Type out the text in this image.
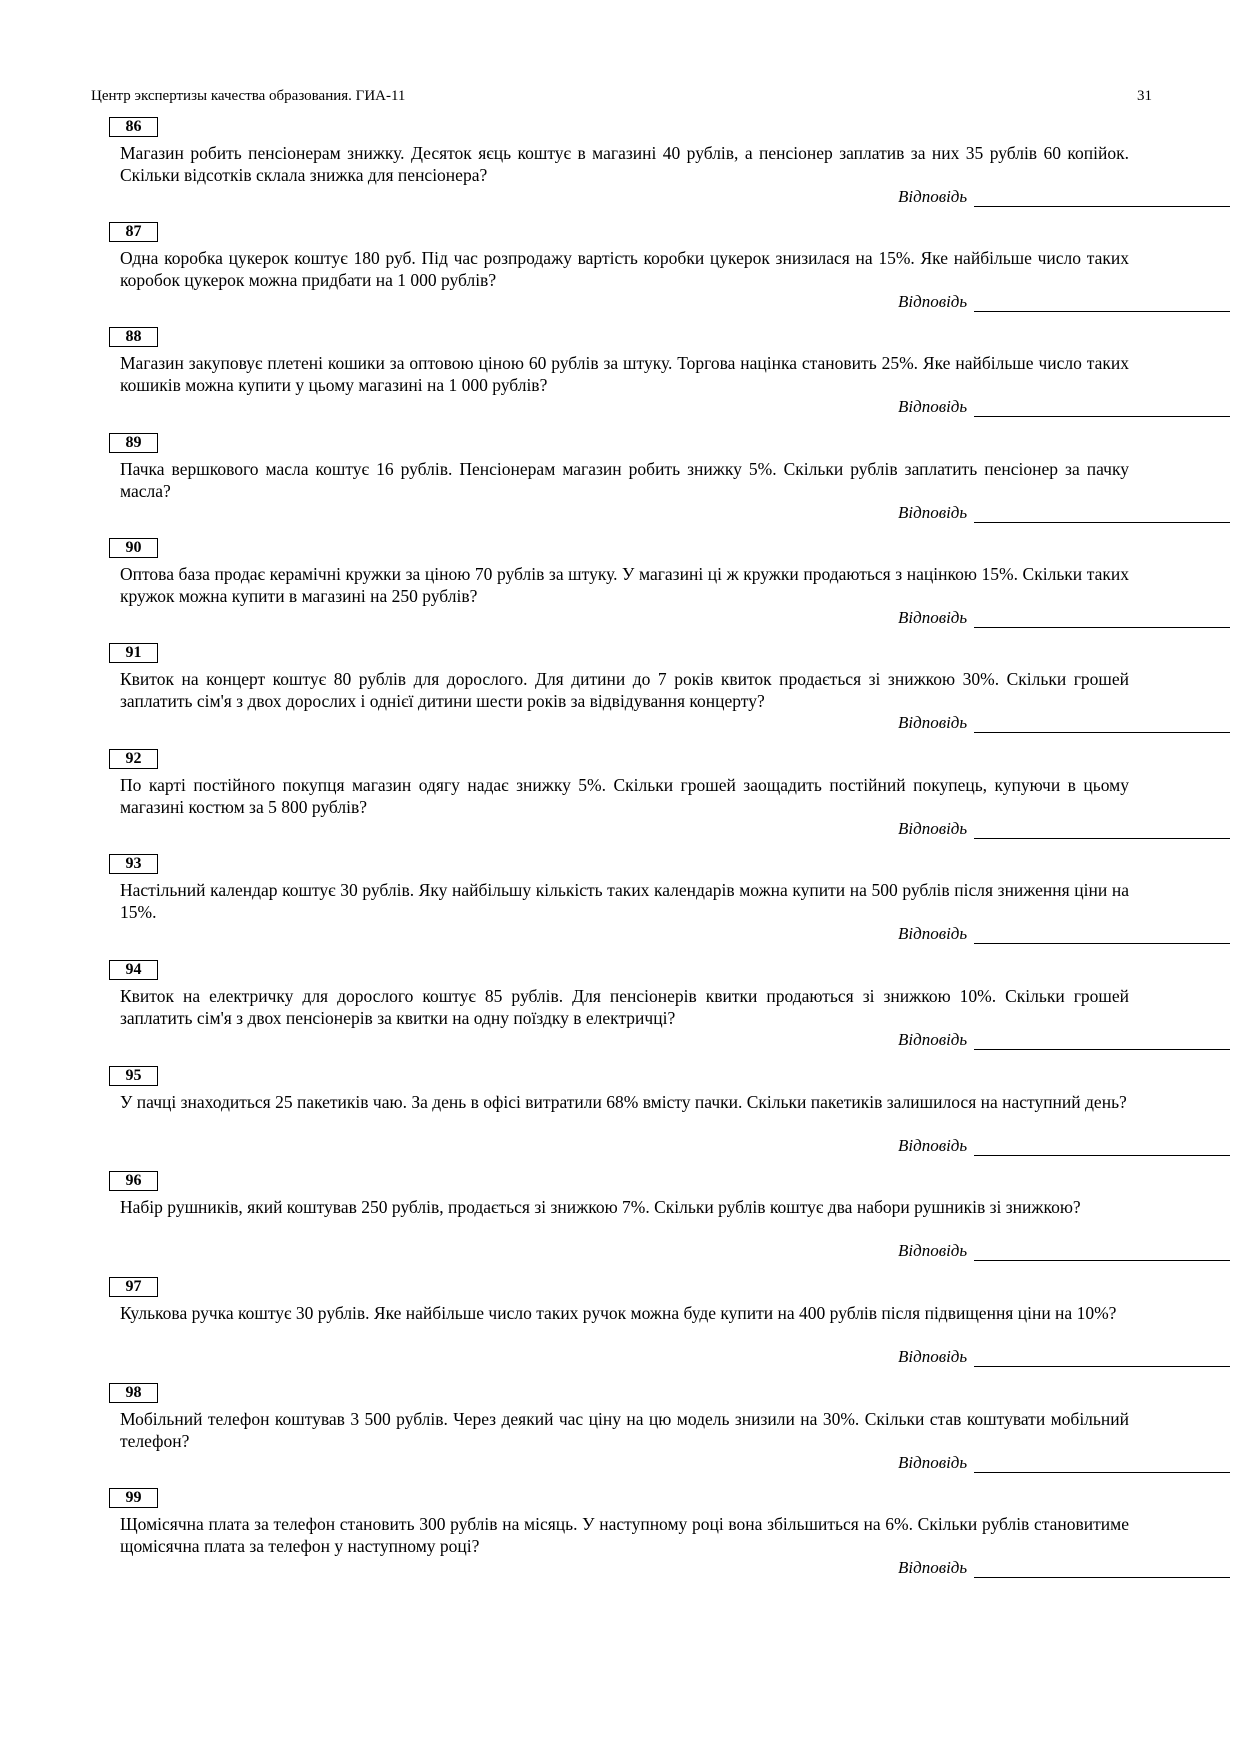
Центр экспертизы качества образования. ГИА-11	31
86
Магазин робить пенсіонерам знижку. Десяток яєць коштує в магазині 40 рублів, а пенсіонер заплатив за них 35 рублів 60 копійок. Скільки відсотків склала знижка для пенсіонера?
Відповідь
87
Одна коробка цукерок коштує 180 руб. Під час розпродажу вартість коробки цукерок знизилася на 15%. Яке найбільше число таких коробок цукерок можна придбати на 1 000 рублів?
Відповідь
88
Магазин закуповує плетені кошики за оптовою ціною 60 рублів за штуку. Торгова націнка становить 25%. Яке найбільше число таких кошиків можна купити у цьому магазині на 1 000 рублів?
Відповідь
89
Пачка вершкового масла коштує 16 рублів. Пенсіонерам магазин робить знижку 5%. Скільки рублів заплатить пенсіонер за пачку масла?
Відповідь
90
Оптова база продає керамічні кружки за ціною 70 рублів за штуку. У магазині ці ж кружки продаються з націнкою 15%. Скільки таких кружок можна купити в магазині на 250 рублів?
Відповідь
91
Квиток на концерт коштує 80 рублів для дорослого. Для дитини до 7 років квиток продається зі знижкою 30%. Скільки грошей заплатить сім'я з двох дорослих і однієї дитини шести років за відвідування концерту?
Відповідь
92
По карті постійного покупця магазин одягу надає знижку 5%. Скільки грошей заощадить постійний покупець, купуючи в цьому магазині костюм за 5 800 рублів?
Відповідь
93
Настільний календар коштує 30 рублів. Яку найбільшу кількість таких календарів можна купити на 500 рублів після зниження ціни на 15%.
Відповідь
94
Квиток на електричку для дорослого коштує 85 рублів. Для пенсіонерів квитки продаються зі знижкою 10%. Скільки грошей заплатить сім'я з двох пенсіонерів за квитки на одну поїздку в електричці?
Відповідь
95
У пачці знаходиться 25 пакетиків чаю. За день в офісі витратили 68% вмісту пачки. Скільки пакетиків залишилося на наступний день?
Відповідь
96
Набір рушників, який коштував 250 рублів, продається зі знижкою 7%. Скільки рублів коштує два набори рушників зі знижкою?
Відповідь
97
Кулькова ручка коштує 30 рублів. Яке найбільше число таких ручок можна буде купити на 400 рублів після підвищення ціни на 10%?
Відповідь
98
Мобільний телефон коштував 3 500 рублів. Через деякий час ціну на цю модель знизили на 30%. Скільки став коштувати мобільний телефон?
Відповідь
99
Щомісячна плата за телефон становить 300 рублів на місяць. У наступному році вона збільшиться на 6%. Скільки рублів становитиме щомісячна плата за телефон у наступному році?
Відповідь
